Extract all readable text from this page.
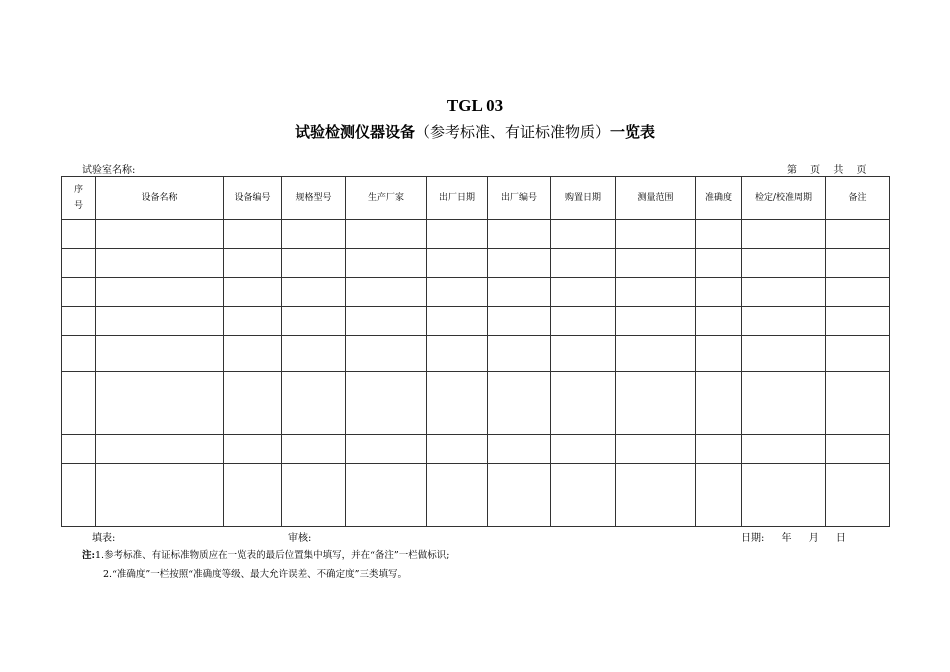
TGL 03
试验检测仪器设备（参考标准、有证标准物质）一览表
试验室名称:	第 页 共 页
序
号	设备名称	设备编号	规格型号	生产厂家	出厂日期	出厂编号	购置日期	测量范围	准确度	检定/校准周期	备注

填表:	审核:	日期: 年 月 日
注:1.参考标准、有证标准物质应在一览表的最后位置集中填写，并在“备注”一栏做标识;
2.“准确度”一栏按照“准确度等级、最大允许误差、不确定度”三类填写。
